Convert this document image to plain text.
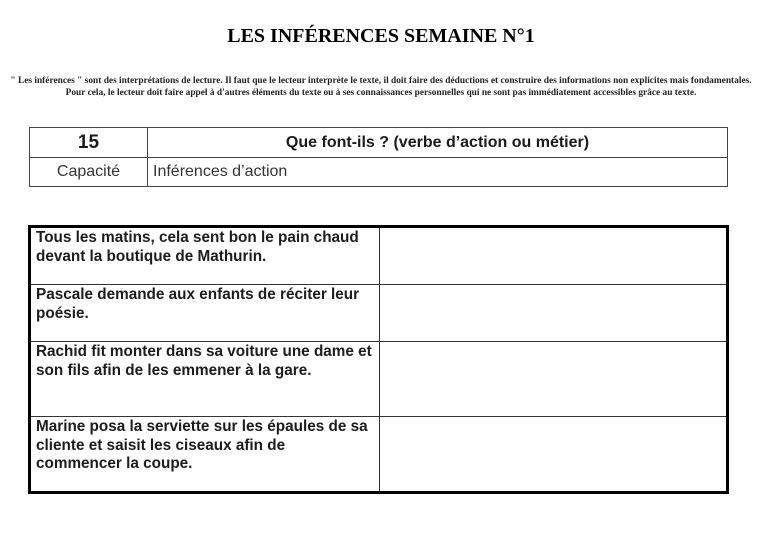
LES INFÉRENCES SEMAINE N°1
" Les inférences " sont des interprétations de lecture. Il faut que le lecteur interprète le texte, il doit faire des déductions et construire des informations non explicites mais fondamentales. Pour cela, le lecteur doit faire appel à d'autres éléments du texte ou à ses connaissances personnelles qui ne sont pas immédiatement accessibles grâce au texte.
15	Que font-ils ? (verbe d’action ou métier)
Capacité	Inférences d’action
Tous les matins, cela sent bon le pain chaud devant la boutique de Mathurin.
Pascale demande aux enfants de réciter leur poésie.
Rachid fit monter dans sa voiture une dame et son fils afin de les emmener à la gare.
Marine posa la serviette sur les épaules de sa cliente et saisit les ciseaux afin de commencer la coupe.
